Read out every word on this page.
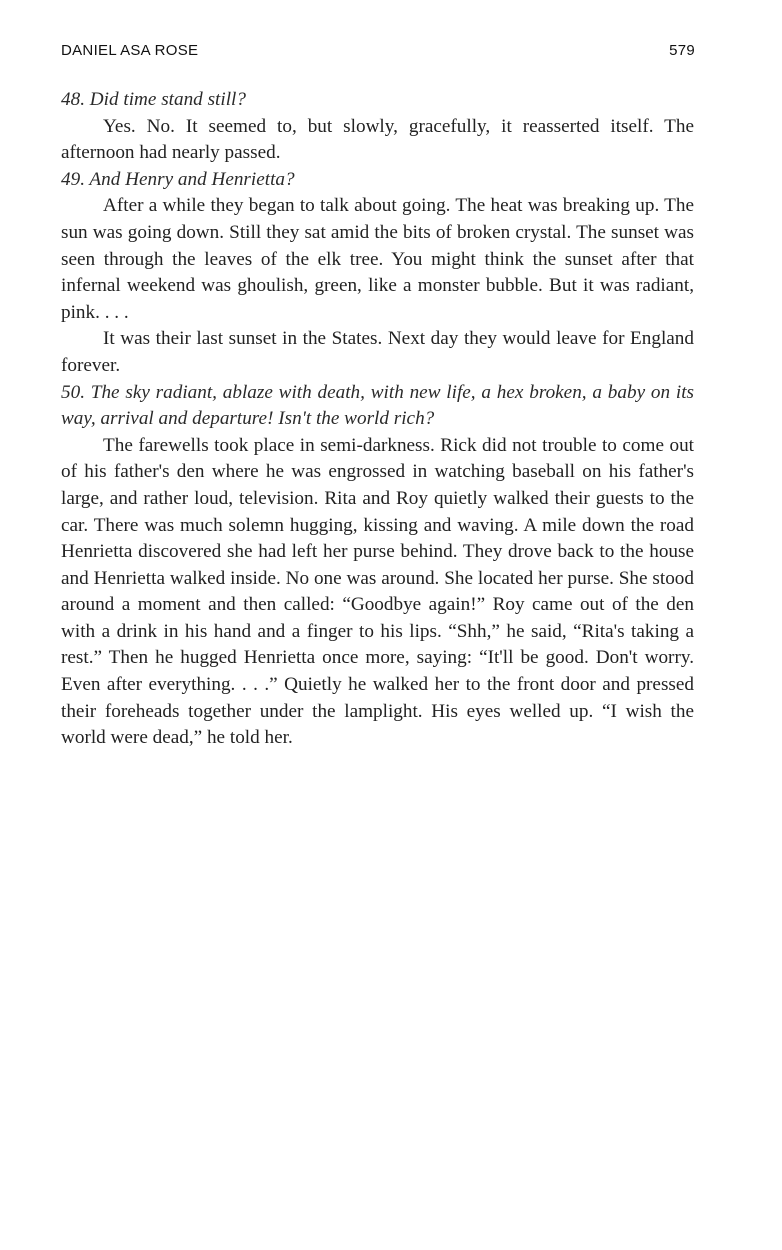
DANIEL ASA ROSE	579

48. Did time stand still?

Yes. No. It seemed to, but slowly, gracefully, it reasserted itself. The afternoon had nearly passed.

49. And Henry and Henrietta?

After a while they began to talk about going. The heat was breaking up. The sun was going down. Still they sat amid the bits of broken crystal. The sunset was seen through the leaves of the elk tree. You might think the sunset after that infernal weekend was ghoulish, green, like a monster bubble. But it was radiant, pink. . . .

It was their last sunset in the States. Next day they would leave for England forever.

50. The sky radiant, ablaze with death, with new life, a hex broken, a baby on its way, arrival and departure! Isn't the world rich?

The farewells took place in semi-darkness. Rick did not trouble to come out of his father's den where he was engrossed in watching baseball on his father's large, and rather loud, television. Rita and Roy quietly walked their guests to the car. There was much solemn hugging, kissing and waving. A mile down the road Henrietta discovered she had left her purse behind. They drove back to the house and Henrietta walked inside. No one was around. She located her purse. She stood around a moment and then called: “Goodbye again!” Roy came out of the den with a drink in his hand and a finger to his lips. “Shh,” he said, “Rita's taking a rest.” Then he hugged Henrietta once more, saying: “It'll be good. Don't worry. Even after everything. . . .” Quietly he walked her to the front door and pressed their foreheads together under the lamplight. His eyes welled up. “I wish the world were dead,” he told her.
